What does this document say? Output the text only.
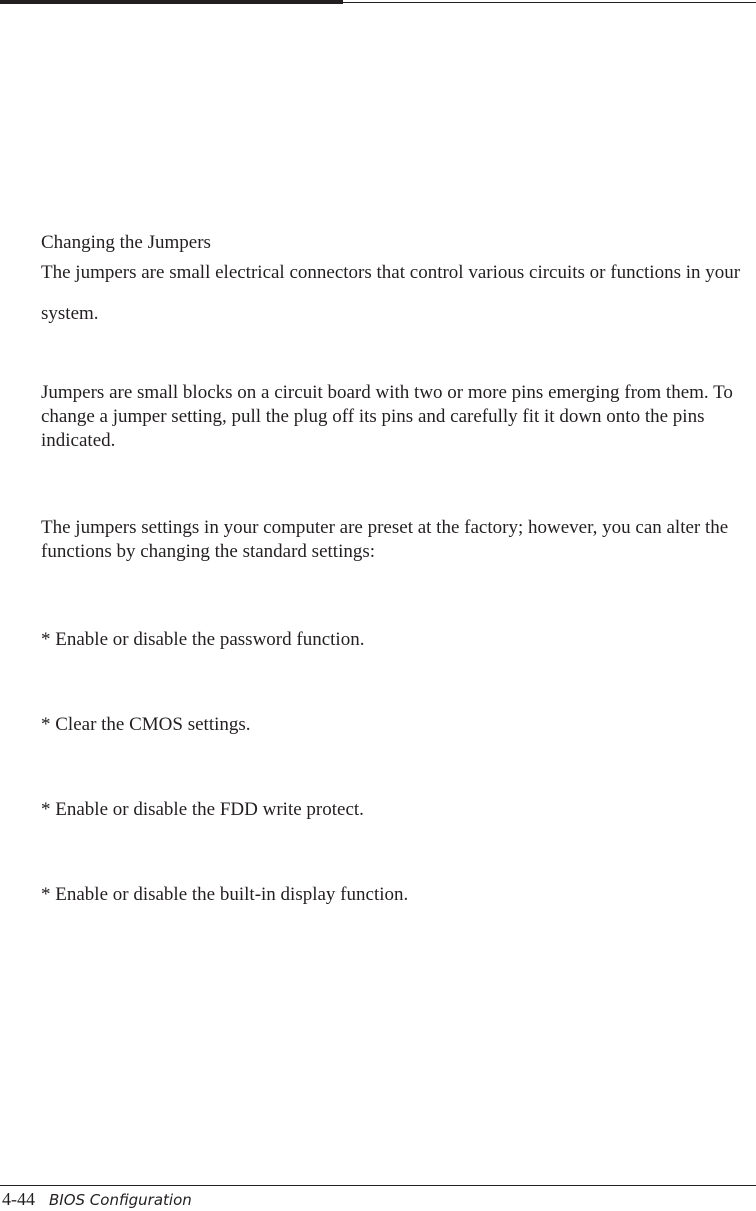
Changing the Jumpers

The jumpers are small electrical connectors that control various circuits or functions in your

system.

Jumpers are small blocks on a circuit board with two or more pins emerging from them. To change a jumper setting, pull the plug off its pins and carefully fit it down onto the pins indicated.

The jumpers settings in your computer are preset at the factory; however, you can alter the functions by changing the standard settings:

* Enable or disable the password function.

* Clear the CMOS settings.

* Enable or disable the FDD write protect.

* Enable or disable the built-in display function.

4-44 BIOS Configuration
